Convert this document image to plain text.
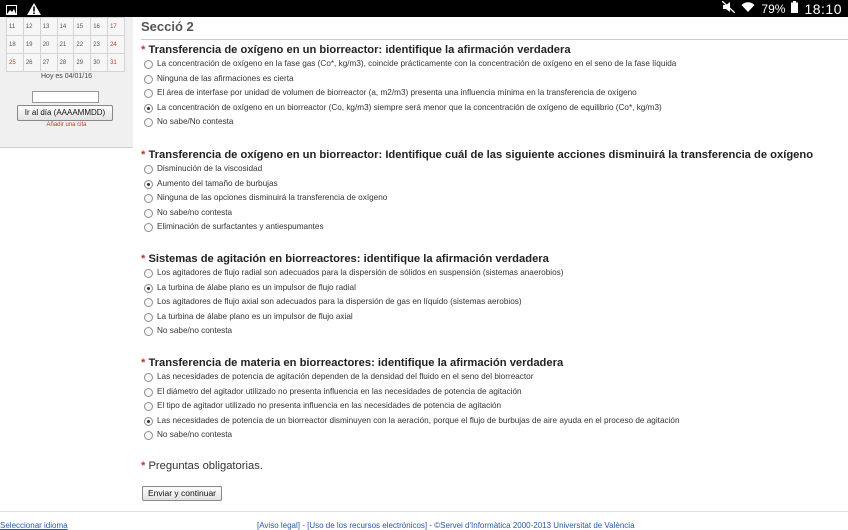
79% 18:10
11	12	13	14	15	16	17
18	19	20	21	22	23	24
25	26	27	28	29	30	31
Hoy es 04/01/16
Ir al día (AAAAMMDD)
Añadir una cita
Secció 2
* Transferencia de oxígeno en un biorreactor: identifique la afirmación verdadera
La concentración de oxígeno en la fase gas (Co*, kg/m3), coincide prácticamente con la concentración de oxígeno en el seno de la fase líquida
Ninguna de las afirmaciones es cierta
El área de interfase por unidad de volumen de biorreactor (a, m2/m3) presenta una influencia mínima en la transferencia de oxígeno
La concentración de oxígeno en un biorreactor (Co, kg/m3) siempre será menor que la concentración de oxígeno de equilibrio (Co*, kg/m3)
No sabe/No contesta
* Transferencia de oxígeno en un biorreactor: Identifique cuál de las siguiente acciones disminuirá la transferencia de oxígeno
Disminución de la viscosidad
Aumento del tamaño de burbujas
Ninguna de las opciones disminuirá la transferencia de oxígeno
No sabe/no contesta
Eliminación de surfactantes y antiespumantes
* Sistemas de agitación en biorreactores: identifique la afirmación verdadera
Los agitadores de flujo radial son adecuados para la dispersión de sólidos en suspensión (sistemas anaerobios)
La turbina de álabe plano es un impulsor de flujo radial
Los agitadores de flujo axial son adecuados para la dispersión de gas en líquido (sistemas aerobios)
La turbina de álabe plano es un impulsor de flujo axial
No sabe/no contesta
* Transferencia de materia en biorreactores: identifique la afirmación verdadera
Las necesidades de potencia de agitación dependen de la densidad del fluido en el seno del biorreactor
El diámetro del agitador utilizado no presenta influencia en las necesidades de potencia de agitación
El tipo de agitador utilizado no presenta influencia en las necesidades de potencia de agitación
Las necesidades de potencia de un biorreactor disminuyen con la aeración, porque el flujo de burbujas de aire ayuda en el proceso de agitación
No sabe/no contesta
* Preguntas obligatorias.
Enviar y continuar
Seleccionar idioma	[Aviso legal] - [Uso de los recursos electrónicos] - ©Servei d'Informàtica 2000-2013 Universitat de València
